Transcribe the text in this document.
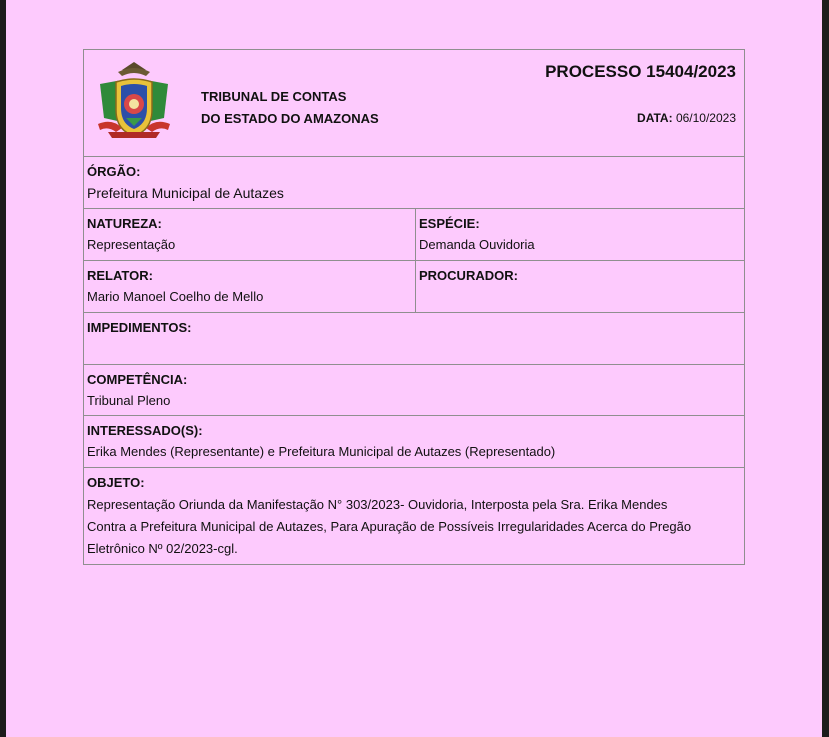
TRIBUNAL DE CONTAS
DO ESTADO DO AMAZONAS
PROCESSO 15404/2023
DATA: 06/10/2023
ÓRGÃO:
Prefeitura Municipal de Autazes
NATUREZA:
Representação
ESPÉCIE:
Demanda Ouvidoria
RELATOR:
Mario Manoel Coelho de Mello
PROCURADOR:
IMPEDIMENTOS:
COMPETÊNCIA:
Tribunal Pleno
INTERESSADO(S):
Erika Mendes (Representante) e Prefeitura Municipal de Autazes (Representado)
OBJETO:
Representação Oriunda da Manifestação N° 303/2023- Ouvidoria, Interposta pela Sra. Erika Mendes
Contra a Prefeitura Municipal de Autazes, Para Apuração de Possíveis Irregularidades Acerca do Pregão
Eletrônico Nº 02/2023-cgl.
